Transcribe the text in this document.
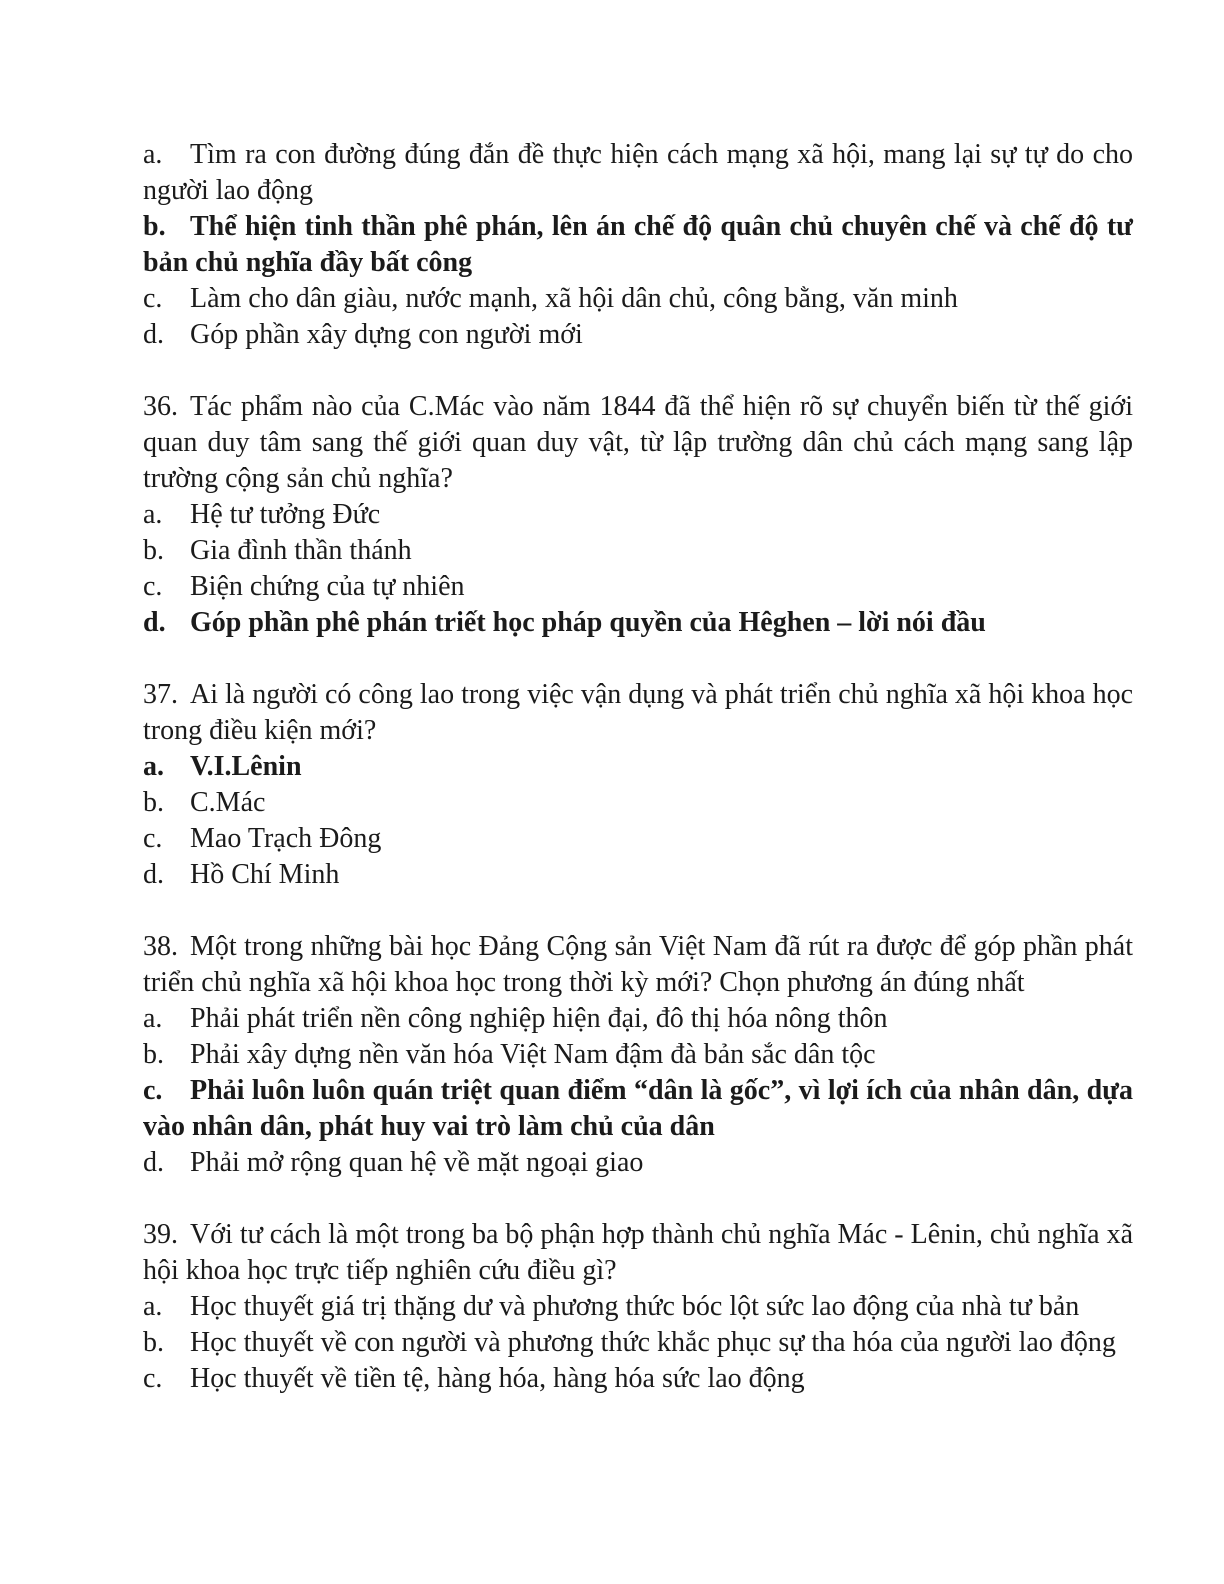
a. Tìm ra con đường đúng đắn đề thực hiện cách mạng xã hội, mang lại sự tự do cho người lao động

b. Thể hiện tinh thần phê phán, lên án chế độ quân chủ chuyên chế và chế độ tư bản chủ nghĩa đầy bất công

c. Làm cho dân giàu, nước mạnh, xã hội dân chủ, công bằng, văn minh

d. Góp phần xây dựng con người mới

36. Tác phẩm nào của C.Mác vào năm 1844 đã thể hiện rõ sự chuyển biến từ thế giới quan duy tâm sang thế giới quan duy vật, từ lập trường dân chủ cách mạng sang lập trường cộng sản chủ nghĩa?

a. Hệ tư tưởng Đức

b. Gia đình thần thánh

c. Biện chứng của tự nhiên

d. Góp phần phê phán triết học pháp quyền của Hêghen – lời nói đầu

37. Ai là người có công lao trong việc vận dụng và phát triển chủ nghĩa xã hội khoa học trong điều kiện mới?

a. V.I.Lênin

b. C.Mác

c. Mao Trạch Đông

d. Hồ Chí Minh

38. Một trong những bài học Đảng Cộng sản Việt Nam đã rút ra được để góp phần phát triển chủ nghĩa xã hội khoa học trong thời kỳ mới? Chọn phương án đúng nhất

a. Phải phát triển nền công nghiệp hiện đại, đô thị hóa nông thôn

b. Phải xây dựng nền văn hóa Việt Nam đậm đà bản sắc dân tộc

c. Phải luôn luôn quán triệt quan điểm “dân là gốc”, vì lợi ích của nhân dân, dựa vào nhân dân, phát huy vai trò làm chủ của dân

d. Phải mở rộng quan hệ về mặt ngoại giao

39. Với tư cách là một trong ba bộ phận hợp thành chủ nghĩa Mác - Lênin, chủ nghĩa xã hội khoa học trực tiếp nghiên cứu điều gì?

a. Học thuyết giá trị thặng dư và phương thức bóc lột sức lao động của nhà tư bản

b. Học thuyết về con người và phương thức khắc phục sự tha hóa của người lao động

c. Học thuyết về tiền tệ, hàng hóa, hàng hóa sức lao động
